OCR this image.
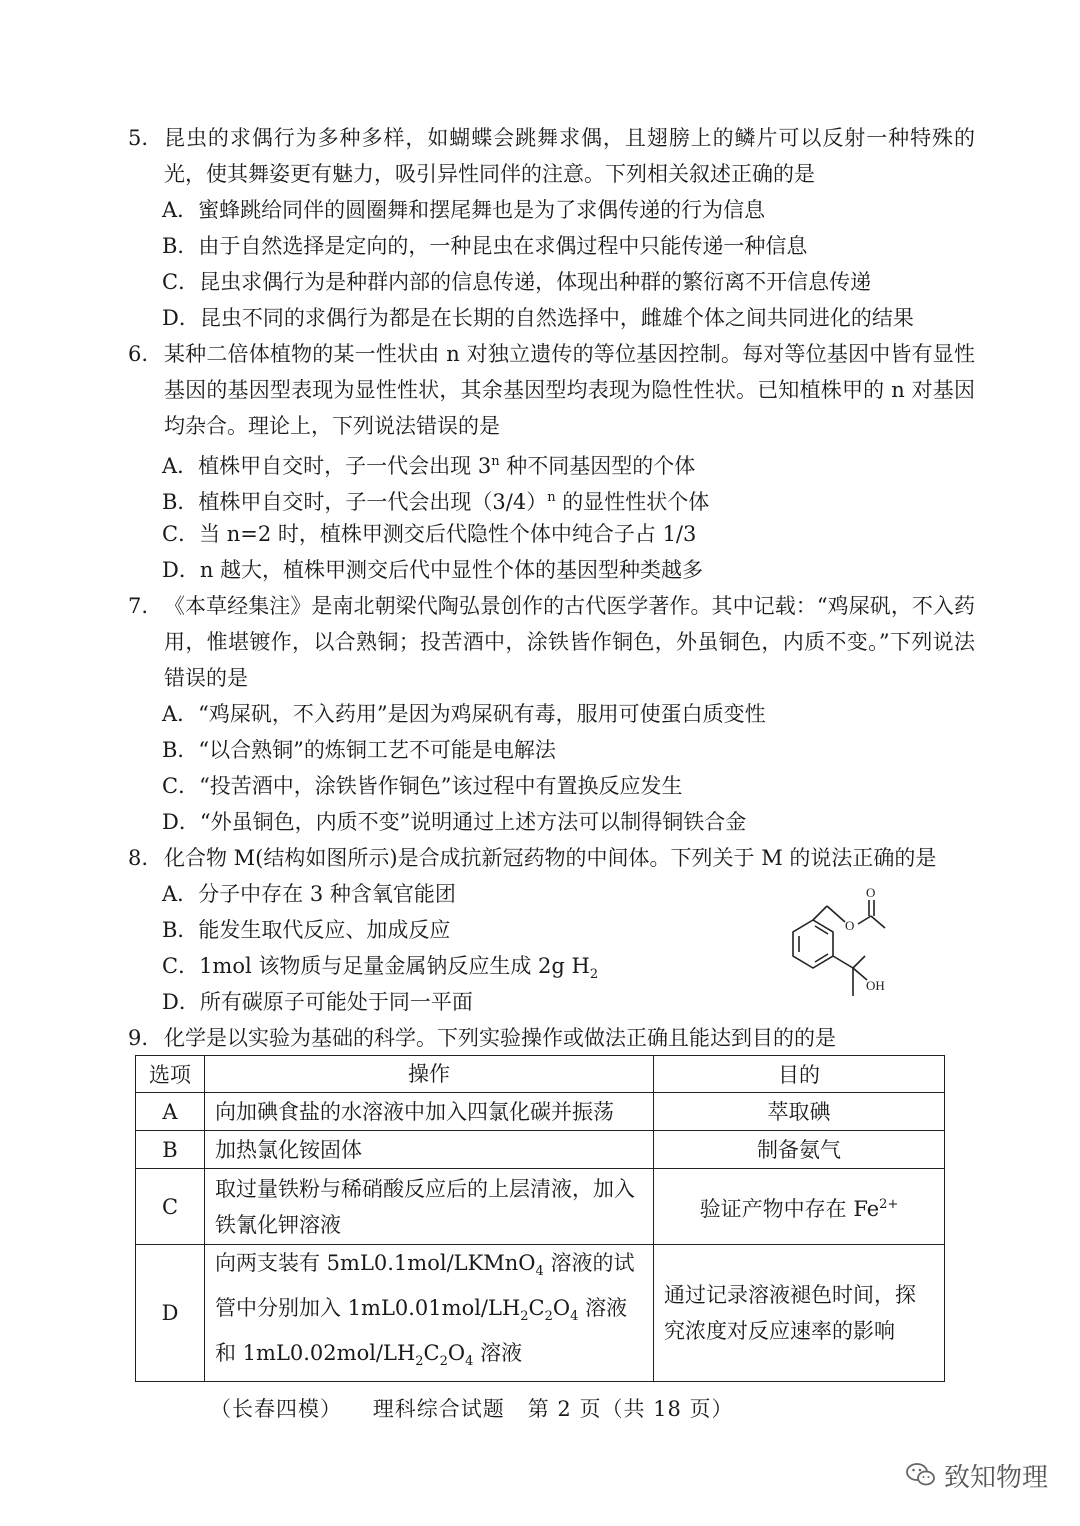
5. 昆虫的求偶行为多种多样，如蝴蝶会跳舞求偶，且翅膀上的鳞片可以反射一种特殊的光，使其舞姿更有魅力，吸引异性同伴的注意。下列相关叙述正确的是
A．蜜蜂跳给同伴的圆圈舞和摆尾舞也是为了求偶传递的行为信息
B．由于自然选择是定向的，一种昆虫在求偶过程中只能传递一种信息
C．昆虫求偶行为是种群内部的信息传递，体现出种群的繁衍离不开信息传递
D．昆虫不同的求偶行为都是在长期的自然选择中，雌雄个体之间共同进化的结果
6. 某种二倍体植物的某一性状由 n 对独立遗传的等位基因控制。每对等位基因中皆有显性基因的基因型表现为显性性状，其余基因型均表现为隐性性状。已知植株甲的 n 对基因均杂合。理论上，下列说法错误的是
A．植株甲自交时，子一代会出现 3$^n$ 种不同基因型的个体
B．植株甲自交时，子一代会出现$(3/4)^n$ 的显性性状个体
C．当 n=2 时，植株甲测交后代隐性个体中纯合子占 1/3
D．n 越大，植株甲测交后代中显性个体的基因型种类越多
7. 《本草经集注》是南北朝梁代陶弘景创作的古代医学著作。其中记载：“鸡屎矾，不入药用，惟堪镀作，以合熟铜；投苦酒中，涂铁皆作铜色，外虽铜色，内质不变。”下列说法错误的是
A．“鸡屎矾，不入药用”是因为鸡屎矾有毒，服用可使蛋白质变性
B．“以合熟铜”的炼铜工艺不可能是电解法
C．“投苦酒中，涂铁皆作铜色”该过程中有置换反应发生
D．“外虽铜色，内质不变”说明通过上述方法可以制得铜铁合金
8. 化合物 M(结构如图所示)是合成抗新冠药物的中间体。下列关于 M 的说法正确的是
A．分子中存在 3 种含氧官能团
B．能发生取代反应、加成反应
C．1mol 该物质与足量金属钠反应生成 2g $H_2$
D．所有碳原子可能处于同一平面
O
O
OH
9. 化学是以实验为基础的科学。下列实验操作或做法正确且能达到目的的是
选项	操作	目的
A	向加碘食盐的水溶液中加入四氯化碳并振荡	萃取碘
B	加热氯化铵固体	制备氨气
C	取过量铁粉与稀硝酸反应后的上层清液，加入铁氰化钾溶液	验证产物中存在 $Fe^{2+}$
D	向两支装有 5mL0.1mol/LKMnO$_4$ 溶液的试管中分别加入 $1mL0.01mol/LH_2C_2O_4$ 溶液和 $1mL0.02mol/LH_2C_2O_4$ 溶液	通过记录溶液褪色时间，探究浓度对反应速率的影响
（长春四模） 理科综合试题 第 2 页（共 18 页）
致知物理
